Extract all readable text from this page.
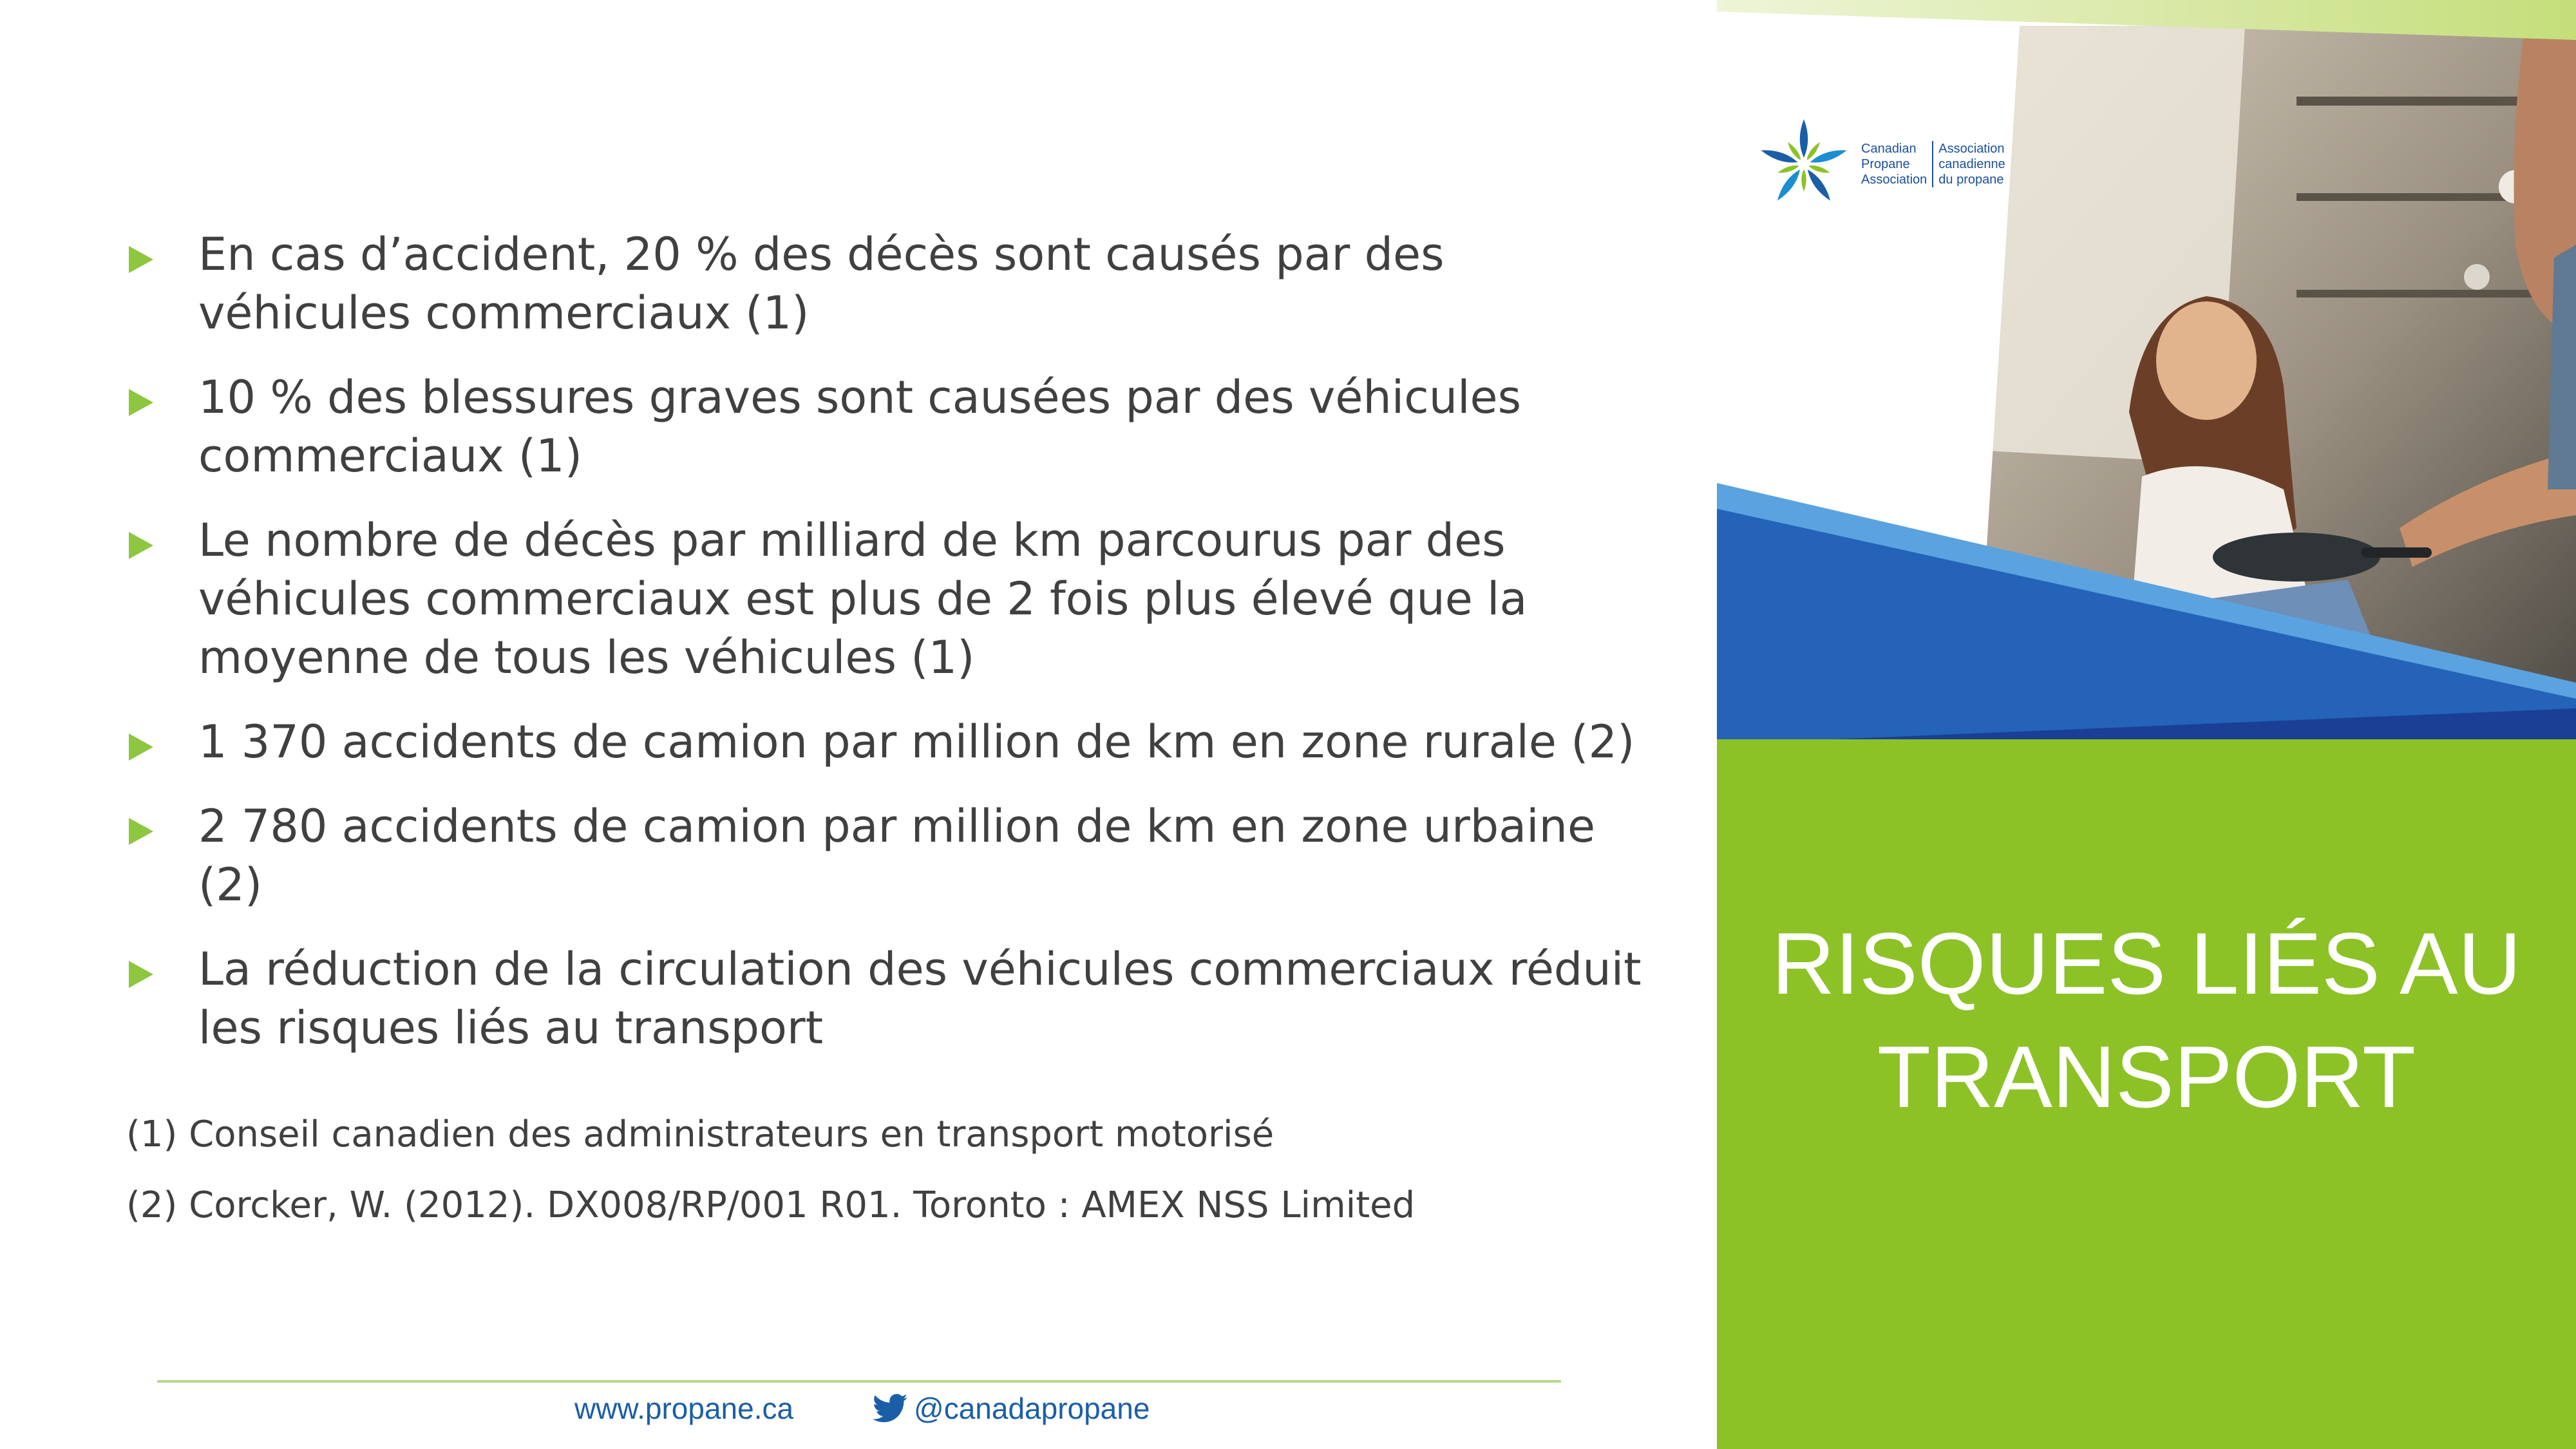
En cas d’accident, 20 % des décès sont causés par des véhicules commerciaux (1)
10 % des blessures graves sont causées par des véhicules commerciaux (1)
Le nombre de décès par milliard de km parcourus par des véhicules commerciaux est plus de 2 fois plus élevé que la moyenne de tous les véhicules (1)
1 370 accidents de camion par million de km en zone rurale (2)
2 780 accidents de camion par million de km en zone urbaine (2)
La réduction de la circulation des véhicules commerciaux réduit les risques liés au transport
(1) Conseil canadien des administrateurs en transport motorisé
(2) Corcker, W. (2012). DX008/RP/001 R01. Toronto : AMEX NSS Limited
www.propane.ca	@canadapropane
RISQUES LIÉS AU
TRANSPORT
Canadian
Propane
Association
Association
canadienne
du propane
